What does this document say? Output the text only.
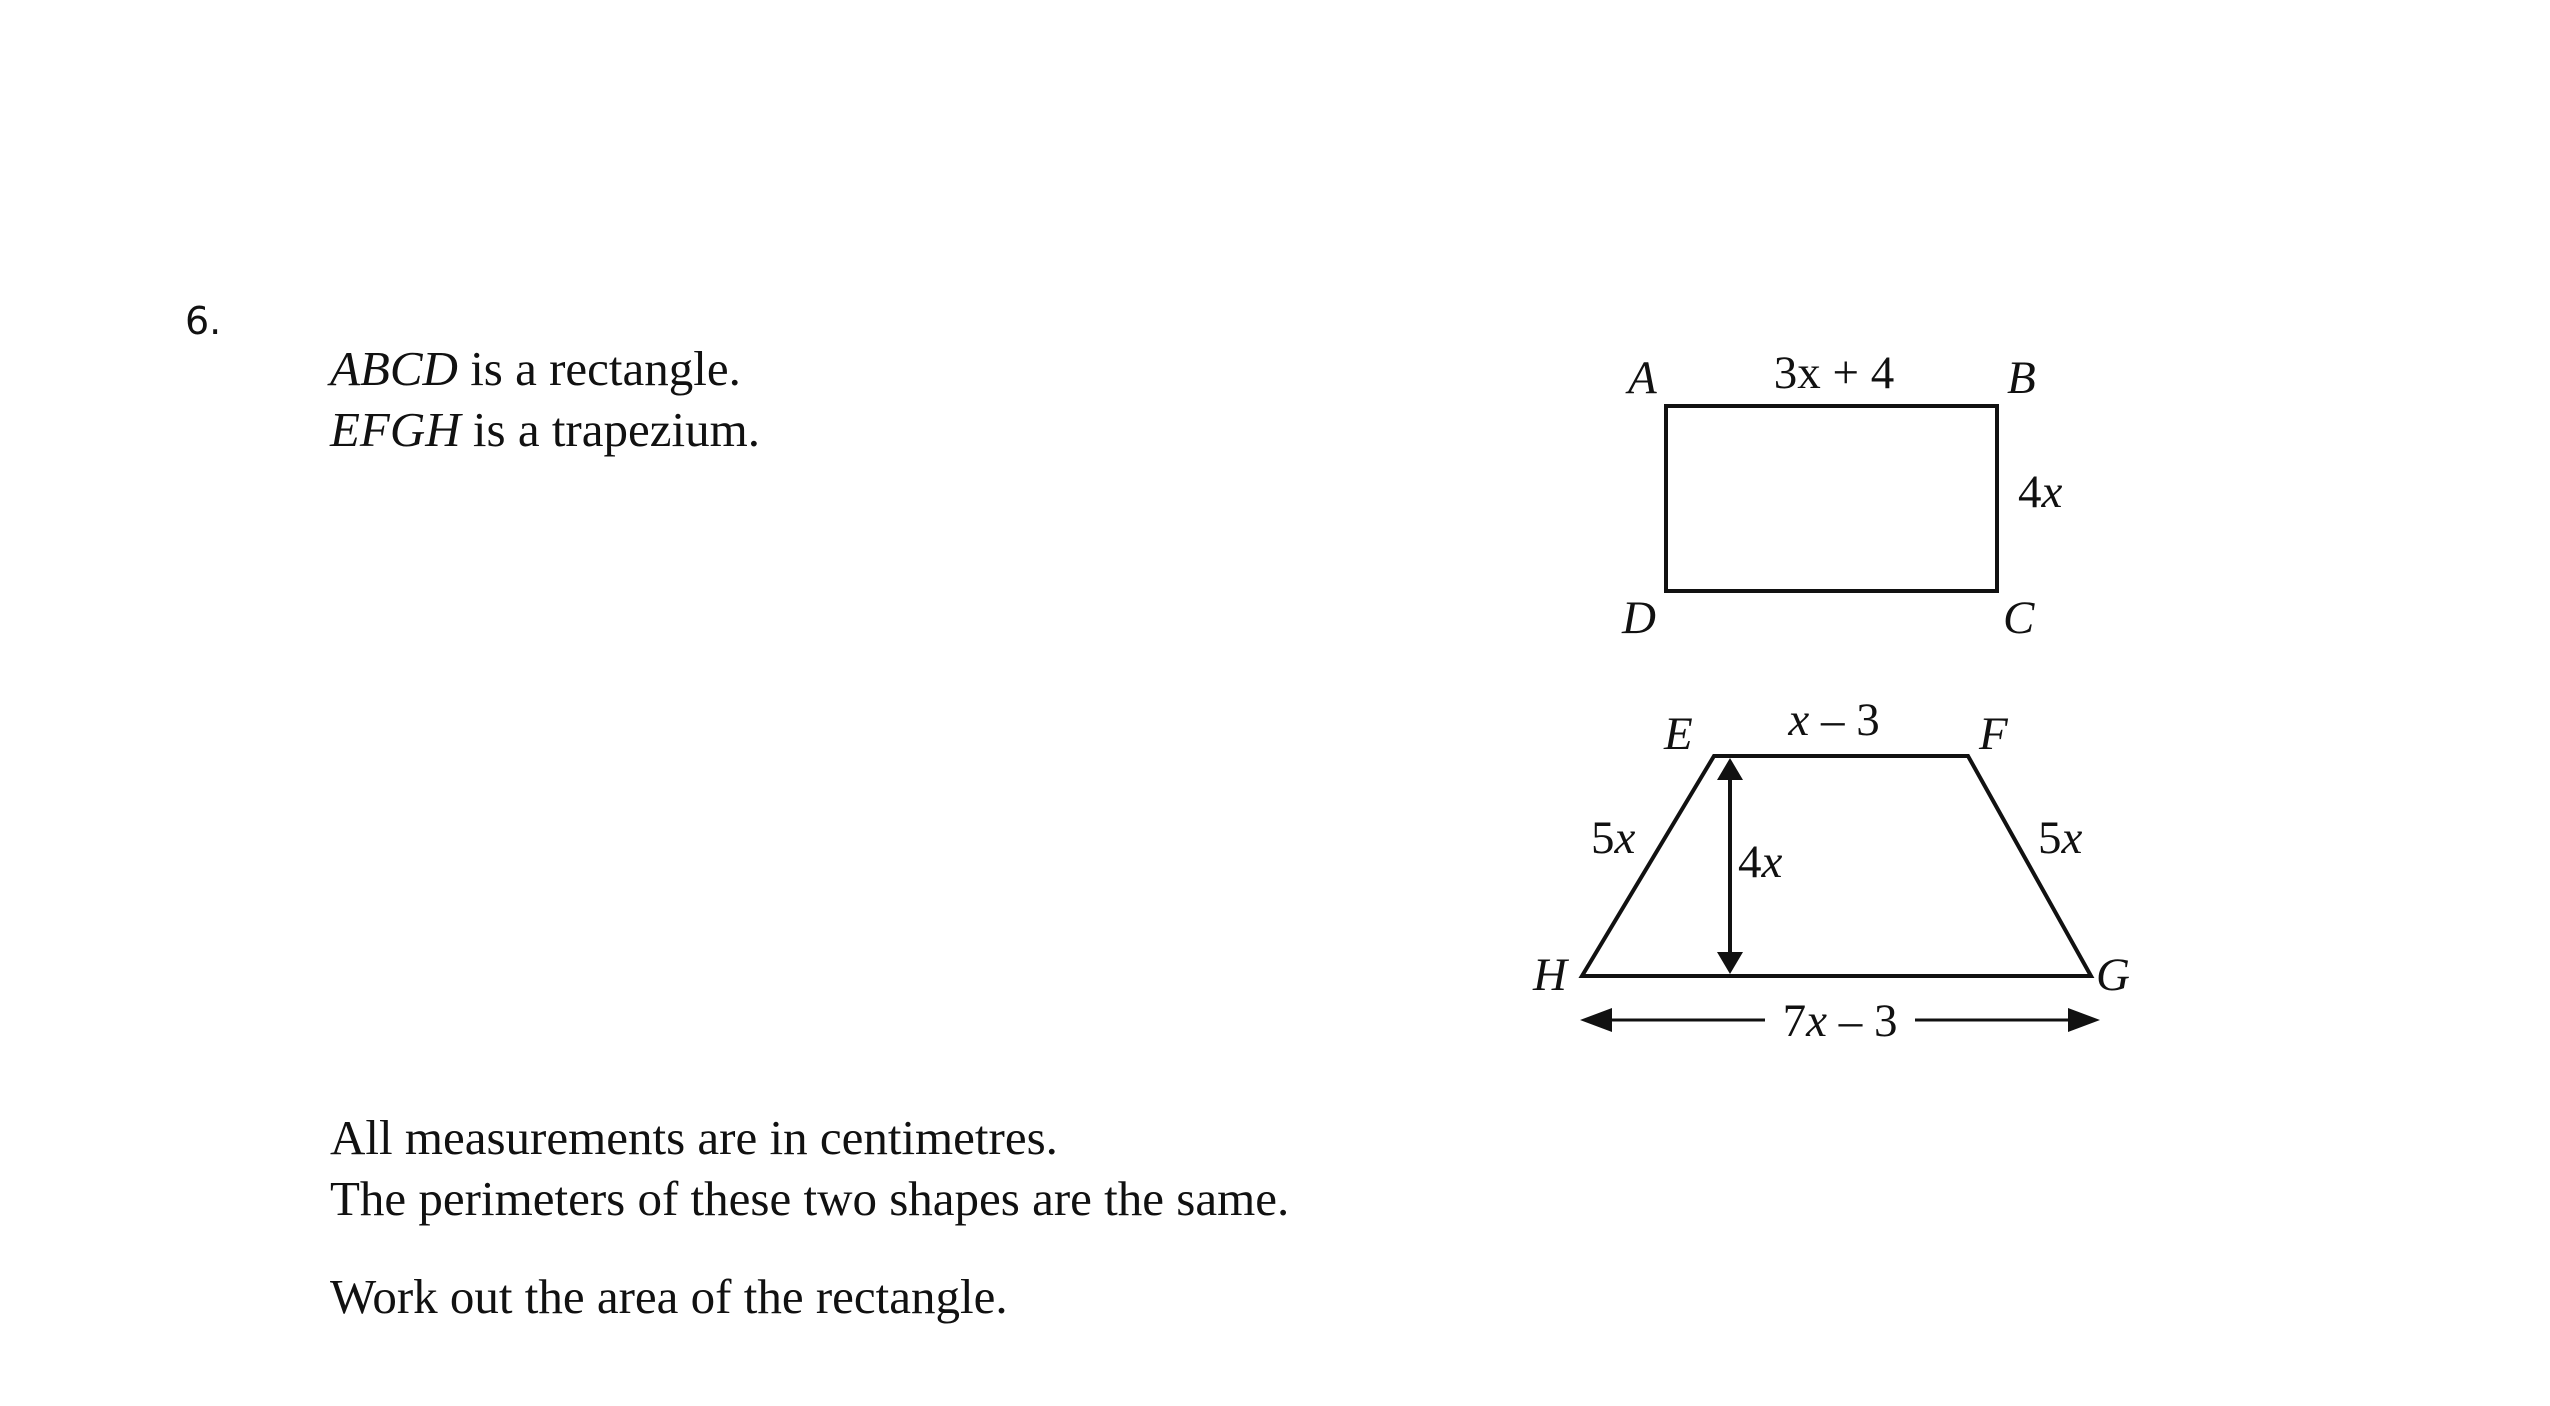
6.
ABCD is a rectangle.
EFGH is a trapezium.
All measurements are in centimetres.
The perimeters of these two shapes are the same.
Work out the area of the rectangle.
A	B
C
D
3x + 4
4x
E	F
G
H
x – 3
5x	5x
4x
7x – 3
